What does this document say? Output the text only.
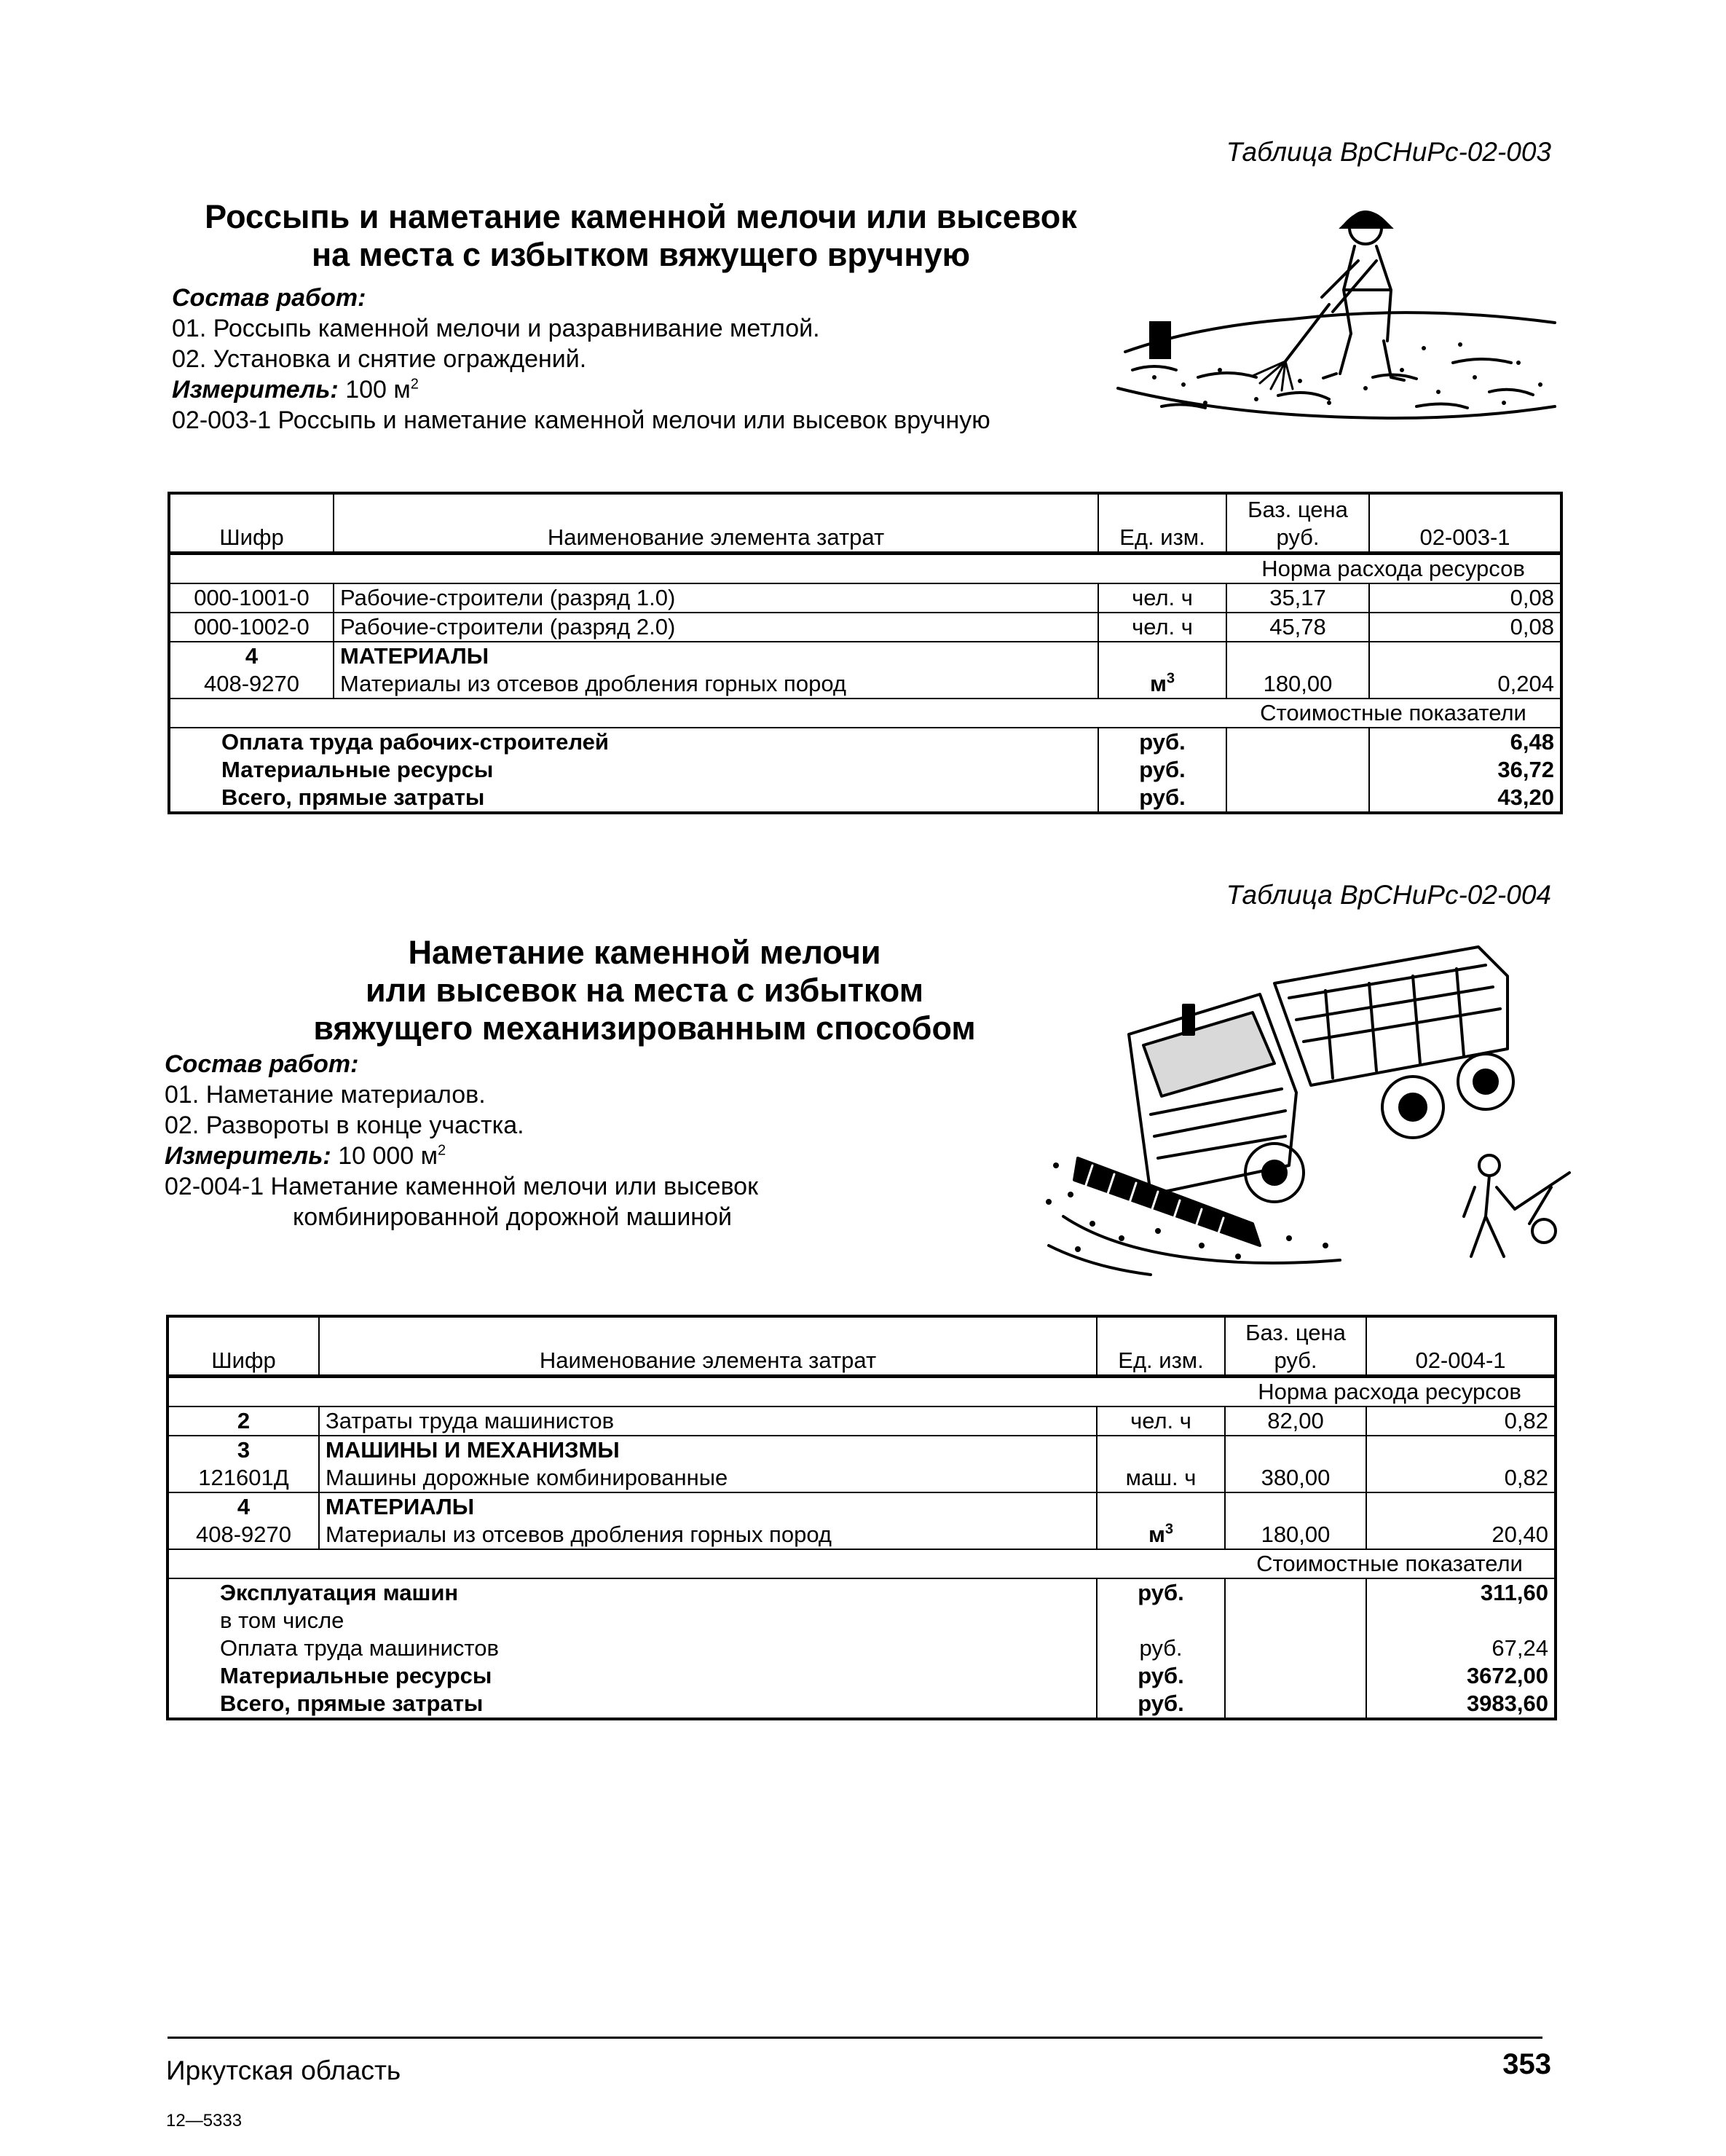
Таблица ВрСНиРс-02-003
Россыпь и наметание каменной мелочи или высевок
на места с избытком вяжущего вручную
Состав работ:
01. Россыпь каменной мелочи и разравнивание метлой.
02. Установка и снятие ограждений.
Измеритель: 100 $м^2$
02-003-1 Россыпь и наметание каменной мелочи или высевок вручную
Шифр	Наименование элемента затрат	Ед. изм.	Баз. цена руб.	02-003-1
			Норма расхода ресурсов	
000-1001-0	Рабочие-строители (разряд 1.0)	чел. ч	35,17	0,08
000-1002-0	Рабочие-строители (разряд 2.0)	чел. ч	45,78	0,08
4	МАТЕРИАЛЫ			
408-9270	Материалы из отсевов дробления горных пород	$м^3$	180,00	0,204
			Стоимостные показатели	
Оплата труда рабочих-строителей		руб.		6,48
Материальные ресурсы		руб.		36,72
Всего, прямые затраты		руб.		43,20
Таблица ВрСНиРс-02-004
Наметание каменной мелочи
или высевок на места с избытком
вяжущего механизированным способом
Состав работ:
01. Наметание материалов.
02. Развороты в конце участка.
Измеритель: 10 000 $м^2$
02-004-1 Наметание каменной мелочи или высевок
комбинированной дорожной машиной
Шифр	Наименование элемента затрат	Ед. изм.	Баз. цена руб.	02-004-1
			Норма расхода ресурсов	
2	Затраты труда машинистов	чел. ч	82,00	0,82
3	МАШИНЫ И МЕХАНИЗМЫ			
121601Д	Машины дорожные комбинированные	маш. ч	380,00	0,82
4	МАТЕРИАЛЫ			
408-9270	Материалы из отсевов дробления горных пород	$м^3$	180,00	20,40
			Стоимостные показатели	
Эксплуатация машин		руб.		311,60
в том числе				
Оплата труда машинистов		руб.		67,24
Материальные ресурсы		руб.		3672,00
Всего, прямые затраты		руб.		3983,60
Иркутская область	353
12—5333
